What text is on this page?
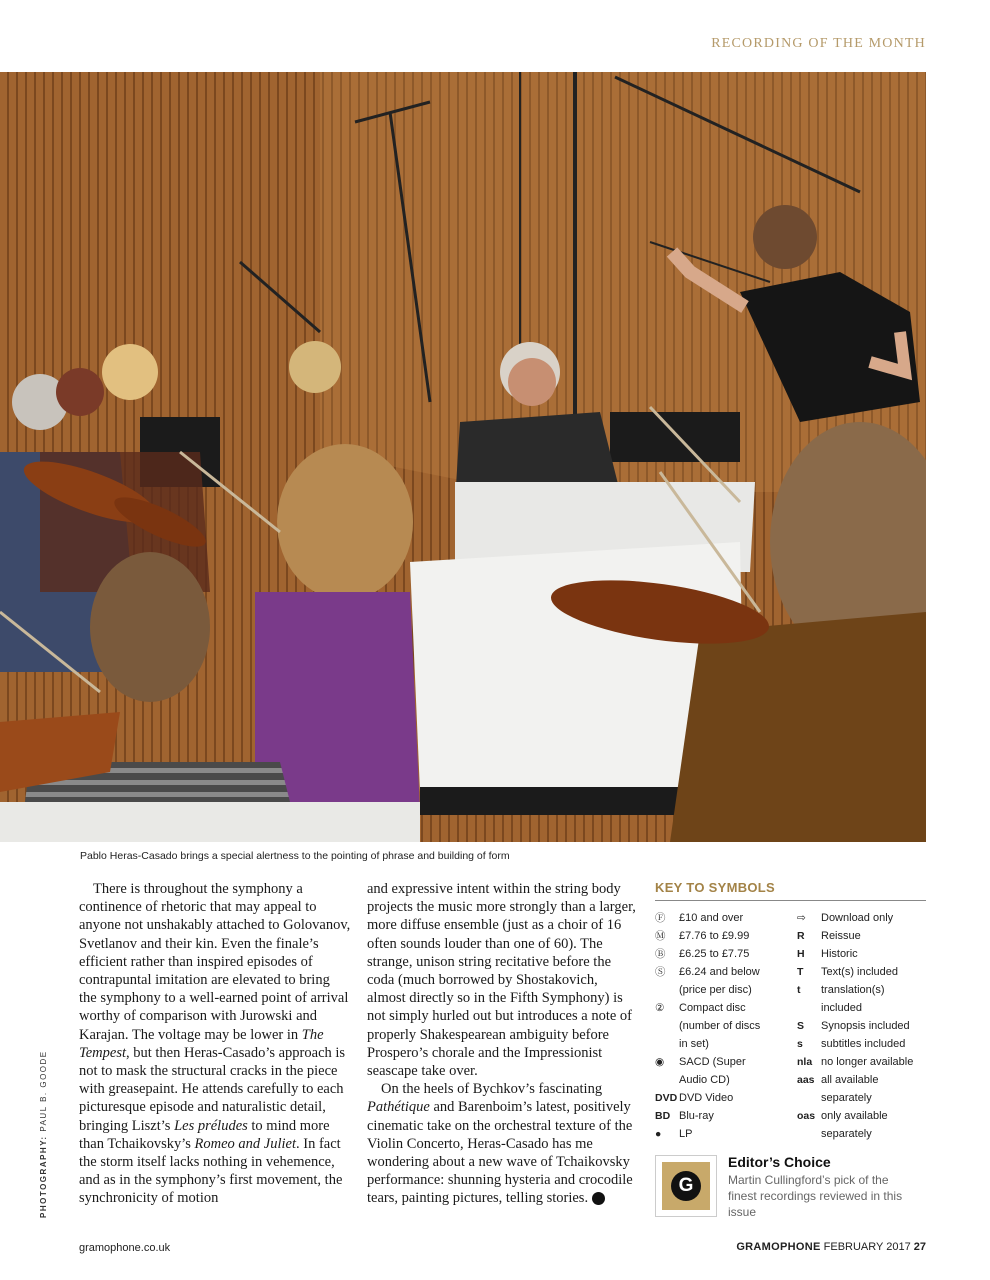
RECORDING OF THE MONTH
Pablo Heras-Casado brings a special alertness to the pointing of phrase and building of form
PHOTOGRAPHY: PAUL B. GOODE

There is throughout the symphony a continence of rhetoric that may appeal to anyone not unshakably attached to Golovanov, Svetlanov and their kin. Even the finale’s efficient rather than inspired episodes of contrapuntal imitation are elevated to bring the symphony to a well-earned point of arrival worthy of comparison with Jurowski and Karajan. The voltage may be lower in The Tempest, but then Heras-Casado’s approach is not to mask the structural cracks in the piece with greasepaint. He attends carefully to each picturesque episode and naturalistic detail, bringing Liszt’s Les préludes to mind more than Tchaikovsky’s Romeo and Juliet. In fact the storm itself lacks nothing in vehemence, and as in the symphony’s first movement, the synchronicity of motion

and expressive intent within the string body projects the music more strongly than a larger, more diffuse ensemble (just as a choir of 16 often sounds louder than one of 60). The strange, unison string recitative before the coda (much borrowed by Shostakovich, almost directly so in the Fifth Symphony) is not simply hurled out but introduces a note of properly Shakespearean ambiguity before Prospero’s chorale and the Impressionist seascape take over.

On the heels of Bychkov’s fascinating Pathétique and Barenboim’s latest, positively cinematic take on the orchestral texture of the Violin Concerto, Heras-Casado has me wondering about a new wave of Tchaikovsky performance: shunning hysteria and crocodile tears, painting pictures, telling stories. G

KEY TO SYMBOLS
Ⓕ	£10 and over
Ⓜ	£7.76 to £9.99
Ⓑ	£6.25 to £7.75
Ⓢ	£6.24 and below
(price per disc)
②	Compact disc
(number of discs
in set)
◉	SACD (Super
Audio CD)
DVD DVD Video
BD Blu-ray
●	LP
⇨	Download only
R	Reissue
H	Historic
T	Text(s) included
t	translation(s)
included
S	Synopsis included
s	subtitles included
nla no longer available
aas all available
separately
oas only available
separately
G
Editor’s Choice
Martin Cullingford’s pick of the finest recordings reviewed in this issue
gramophone.co.uk	GRAMOPHONE FEBRUARY 2017 27
